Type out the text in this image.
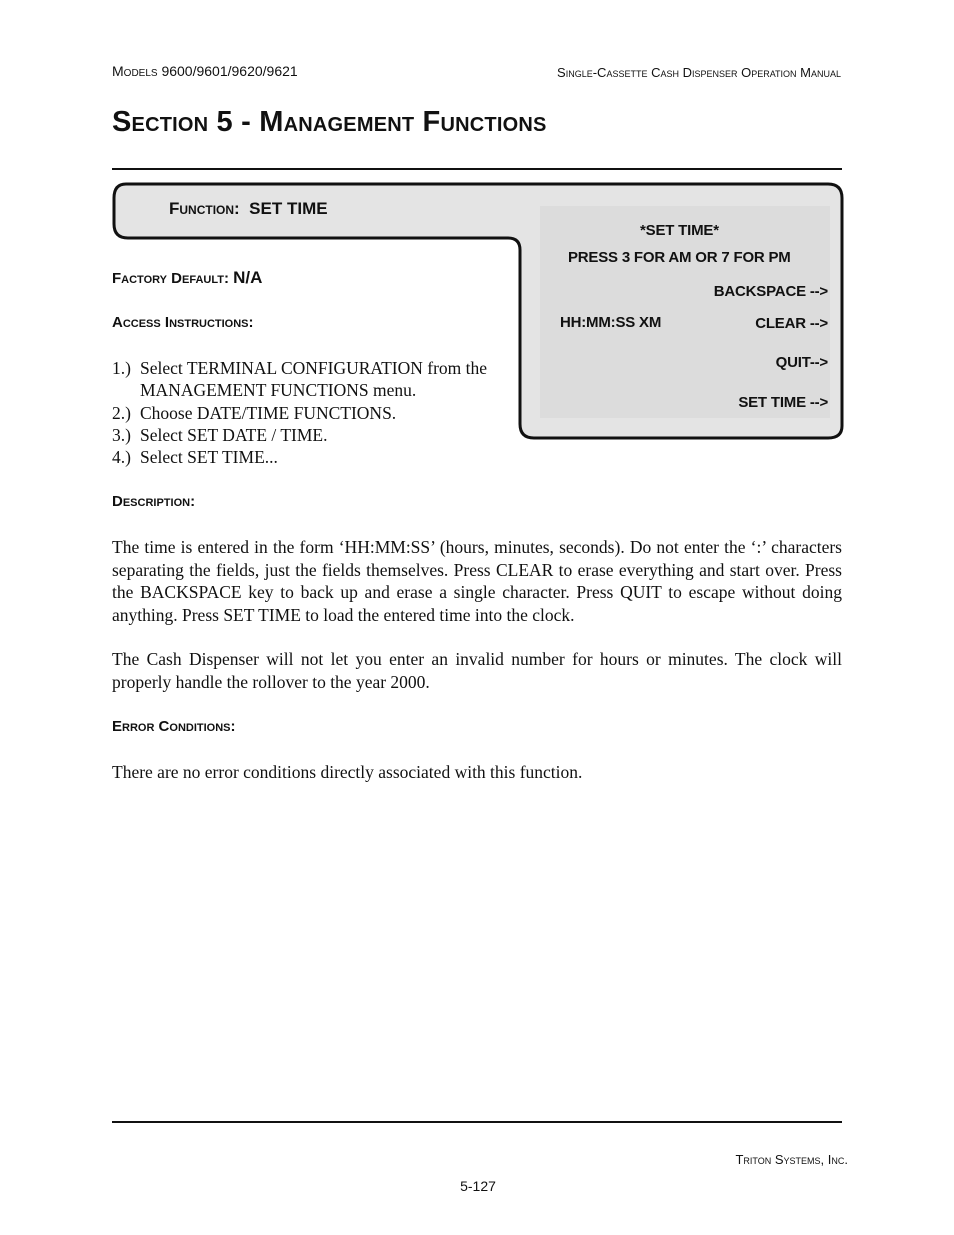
Models 9600/9601/9620/9621	Single-Cassette Cash Dispenser Operation Manual
Section 5 - Management Functions
Function: SET TIME
*SET TIME*
PRESS 3 FOR AM OR 7 FOR PM
BACKSPACE -->
HH:MM:SS XM	CLEAR -->
QUIT-->
SET TIME -->
Factory Default: N/A
Access Instructions:
1.) Select TERMINAL CONFIGURATION from the
MANAGEMENT FUNCTIONS menu.
2.) Choose DATE/TIME FUNCTIONS.
3.) Select SET DATE / TIME.
4.) Select SET TIME...
Description:
The time is entered in the form ‘HH:MM:SS’ (hours, minutes, seconds). Do not enter the ‘:’ characters separating the fields, just the fields themselves. Press CLEAR to erase everything and start over. Press the BACKSPACE key to back up and erase a single character. Press QUIT to escape without doing anything. Press SET TIME to load the entered time into the clock.
The Cash Dispenser will not let you enter an invalid number for hours or minutes. The clock will properly handle the rollover to the year 2000.
Error Conditions:
There are no error conditions directly associated with this function.
Triton Systems, Inc.
5-127
